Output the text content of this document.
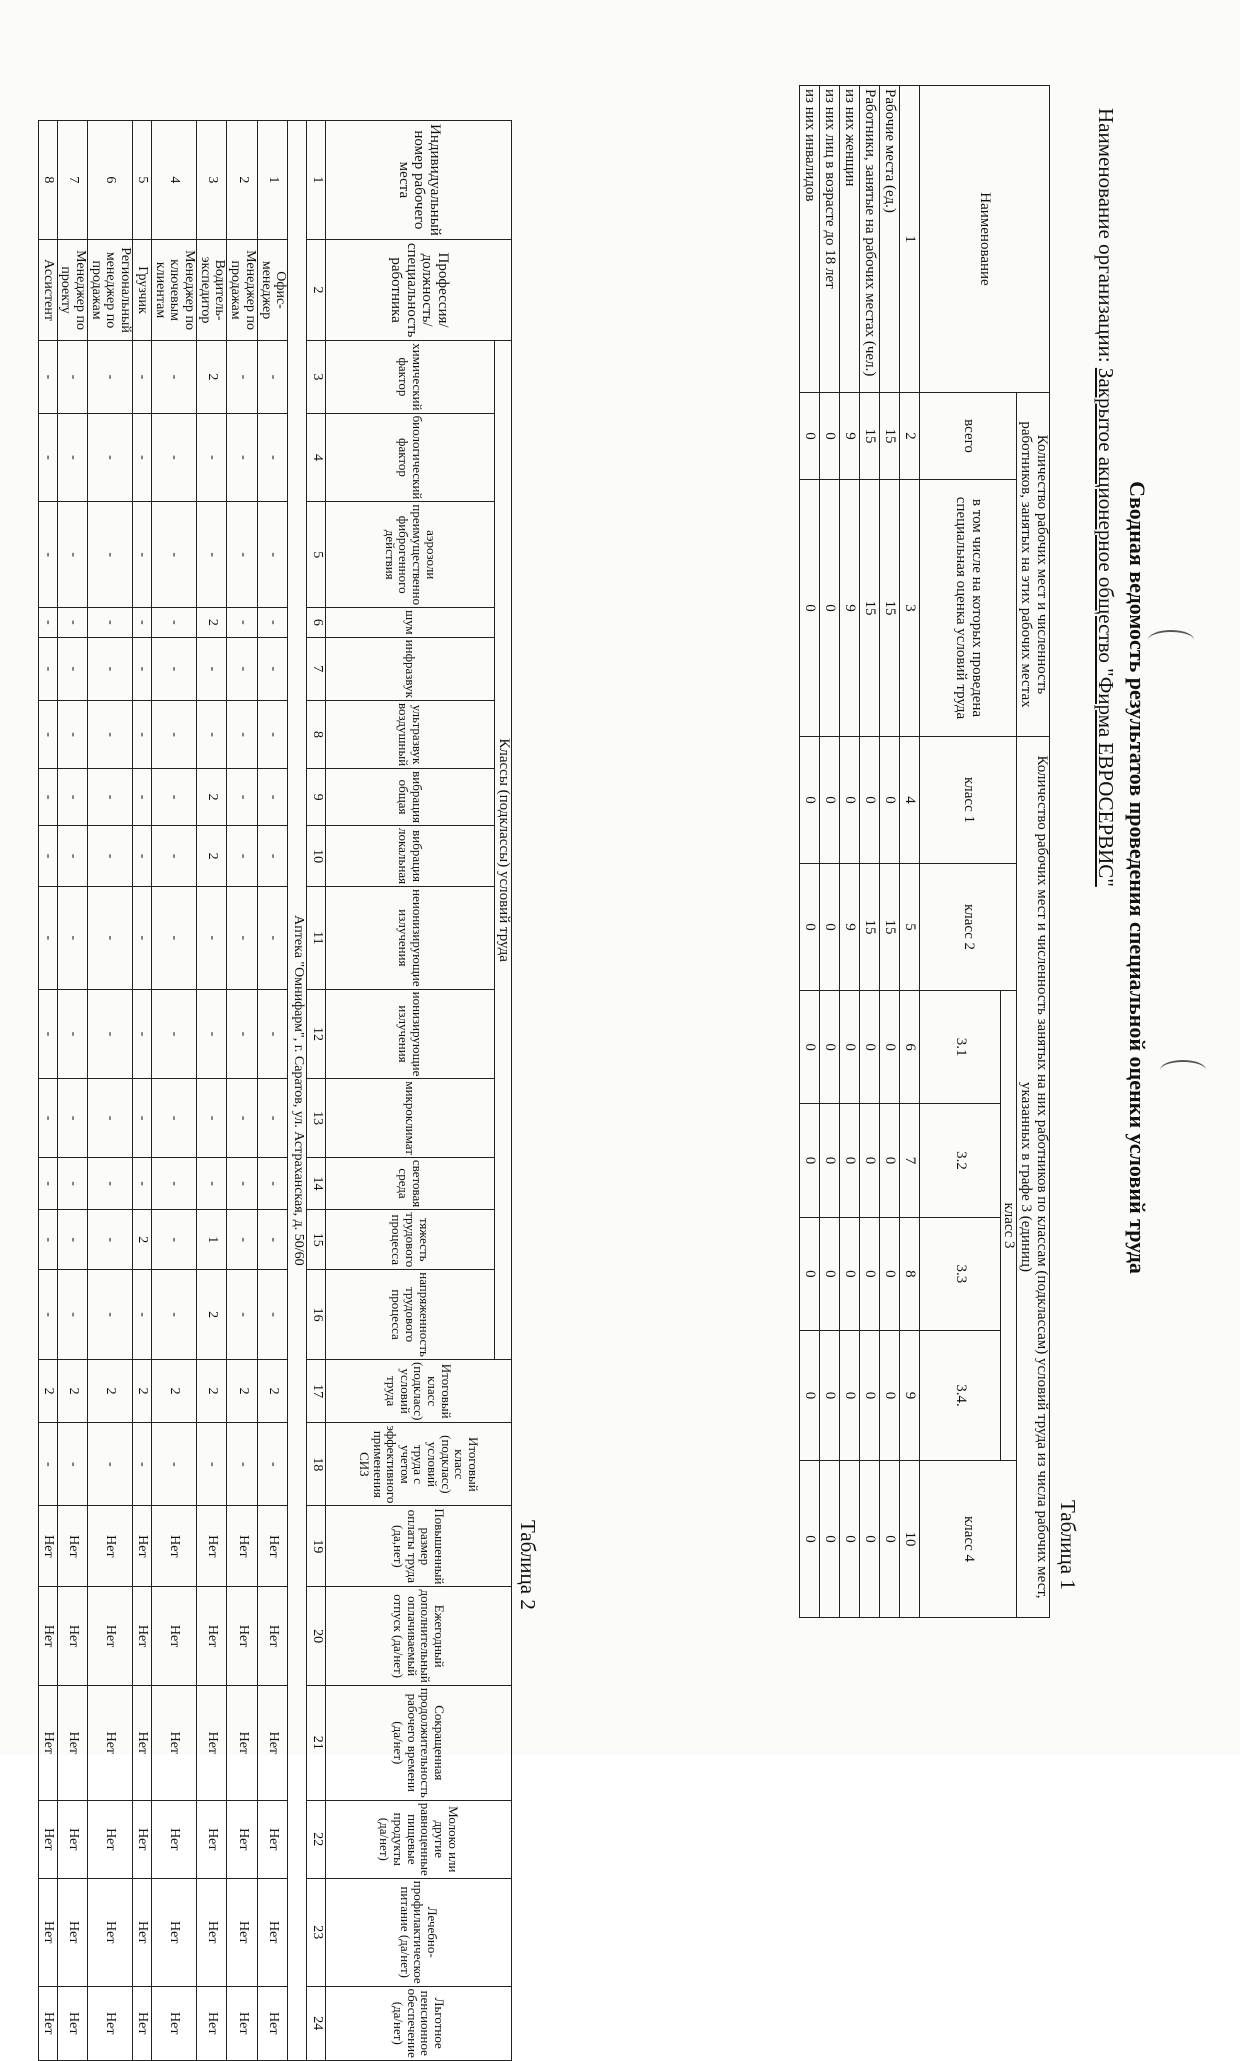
Сводная ведомость результатов проведения специальной оценки условий труда
Наименование организации: Закрытое акционерное общество "Фирма ЕВРОСЕРВИС"
Таблица 1
Наименование	Количество рабочих мест и численность работников, занятых на этих рабочих местах		Количество рабочих мест и численность занятых на них работников по классам (подклассам) условий труда из числа рабочих мест, указанных в графе 3 (единиц)						
	всего	в том числе на которых проведена специальная оценка условий труда	класс 1	класс 2	класс 3				класс 4
					3.1	3.2	3.3	3.4.	
1	2	3	4	5	6	7	8	9	10
Рабочие места (ед.)	15	15	0	15	0	0	0	0	0
Работники, занятые на рабочих местах (чел.)	15	15	0	15	0	0	0	0	0
из них женщин	9	9	0	9	0	0	0	0	0
из них лиц в возрасте до 18 лет	0	0	0	0	0	0	0	0	0
из них инвалидов	0	0	0	0	0	0	0	0	0
Таблица 2
Индивидуальный номер рабочего места	Профессия/должность/специальность работника	Классы (подклассы) условий труда														Итоговый класс (подкласс) условий труда	Итоговый класс (подкласс) условий труда с учетом эффективного применения СИЗ	Повышенный размер оплаты труда (да,нет)	Ежегодный дополнительный оплачиваемый отпуск (да/нет)	Сокращенная продолжительность рабочего времени (да/нет)	Молоко или другие равноценные пищевые продукты (да/нет)	Лечебно-профилактическое питание (да/нет)	Льготное пенсионное обеспечение (да/нет)
		химический фактор	биологический фактор	аэрозоли преимущественно фиброгенного действия	шум	инфразвук	ультразвук воздушный	вибрация общая	вибрация локальная	неионизирующие излучения	ионизирующие излучения	микроклимат	световая среда	тяжесть трудового процесса	напряженность трудового процесса								
1	2	3	4	5	6	7	8	9	10	11	12	13	14	15	16	17	18	19	20	21	22	23	24
Аптека "Омнифарм", г. Саратов, ул. Астраханская, д. 50/60																							
1	Офис-менеджер	-	-	-	-	-	-	-	-	-	-	-	-	-	-	2	-	Нет	Нет	Нет	Нет	Нет	Нет
2	Менеджер по продажам	-	-	-	-	-	-	-	-	-	-	-	-	-	-	2	-	Нет	Нет	Нет	Нет	Нет	Нет
3	Водитель-экспедитор	2	-	-	2	-	-	2	2	-	-	-	-	1	2	2	-	Нет	Нет	Нет	Нет	Нет	Нет
4	Менеджер по ключевым клиентам	-	-	-	-	-	-	-	-	-	-	-	-	-	-	2	-	Нет	Нет	Нет	Нет	Нет	Нет
5	Грузчик	-	-	-	-	-	-	-	-	-	-	-	-	2	-	2	-	Нет	Нет	Нет	Нет	Нет	Нет
6	Региональный менеджер по продажам	-	-	-	-	-	-	-	-	-	-	-	-	-	-	2	-	Нет	Нет	Нет	Нет	Нет	Нет
7	Менеджер по проекту	-	-	-	-	-	-	-	-	-	-	-	-	-	-	2	-	Нет	Нет	Нет	Нет	Нет	Нет
8	Ассистент	-	-	-	-	-	-	-	-	-	-	-	-	-	-	2	-	Нет	Нет	Нет	Нет	Нет	Нет
